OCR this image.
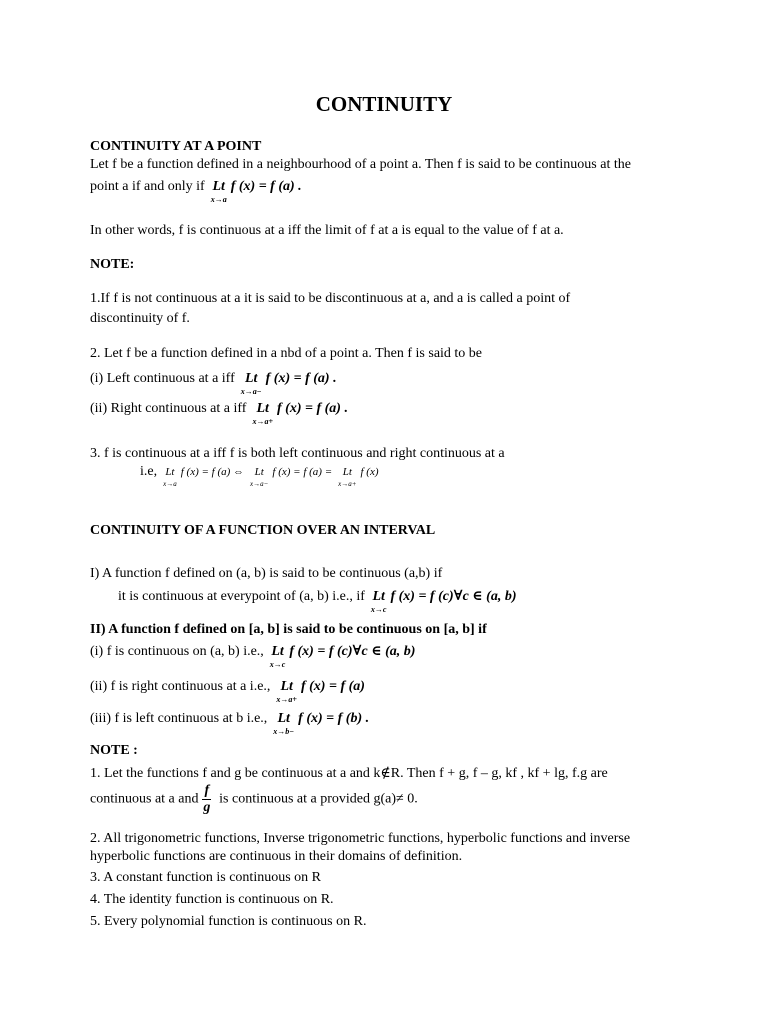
CONTINUITY
CONTINUITY AT A POINT
Let f be a function defined in a neighbourhood of a point a. Then f is said to be continuous at the
point a if and only if Lt
x→a
f (x) = f (a) .
In other words, f is continuous at a iff the limit of f at a is equal to the value of f at a.
NOTE:
1.If f is not continuous at a it is said to be discontinuous at a, and a is called a point of
discontinuity of f.
2. Let f be a function defined in a nbd of a point a. Then f is said to be
(i) Left continuous at a iff Lt
x→a−
f (x) = f (a) .
(ii) Right continuous at a iff Lt
x→a+
f (x) = f (a) .
3. f is continuous at a iff f is both left continuous and right continuous at a
i.e, Lt
x→a
f (x) = f (a) ⇔ Lt
x→a−
f (x) = f (a) = Lt
x→a+
f (x)
CONTINUITY OF A FUNCTION OVER AN INTERVAL
I) A function f defined on (a, b) is said to be continuous (a,b) if
it is continuous at everypoint of (a, b) i.e., if Lt
x→c
f (x) = f (c)∀c ∈ (a, b)
II) A function f defined on [a, b] is said to be continuous on [a, b] if
(i) f is continuous on (a, b) i.e., Lt
x→c
f (x) = f (c)∀c ∈ (a, b)
(ii) f is right continuous at a i.e., Lt
x→a+
f (x) = f (a)
(iii) f is left continuous at b i.e., Lt
x→b−
f (x) = f (b) .
NOTE :
1. Let the functions f and g be continuous at a and k∉R. Then f + g, f – g, kf , kf + lg, f.g are
continuous at a and $\frac{f}{g}$ is continuous at a provided g(a)≠ 0.
2. All trigonometric functions, Inverse trigonometric functions, hyperbolic functions and inverse
hyperbolic functions are continuous in their domains of definition.
3. A constant function is continuous on R
4. The identity function is continuous on R.
5. Every polynomial function is continuous on R.
